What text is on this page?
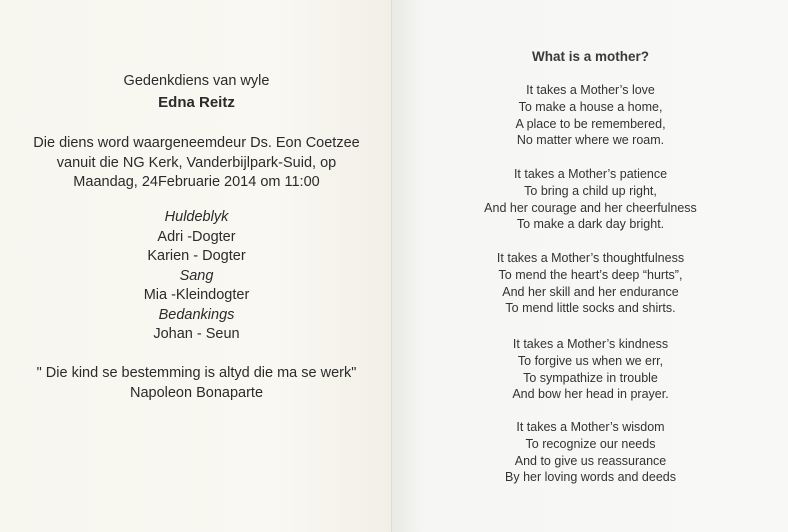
Gedenkdiens van wyle
Edna Reitz
Die diens word waargeneemdeur Ds. Eon Coetzee
vanuit die NG Kerk, Vanderbijlpark-Suid, op
Maandag, 24Februarie 2014 om 11:00
Huldeblyk
Adri -Dogter
Karien - Dogter
Sang
Mia -Kleindogter
Bedankings
Johan - Seun
" Die kind se bestemming is altyd die ma se werk"
Napoleon Bonaparte
What is a mother?
It takes a Mother’s love
To make a house a home,
A place to be remembered,
No matter where we roam.
It takes a Mother’s patience
To bring a child up right,
And her courage and her cheerfulness
To make a dark day bright.
It takes a Mother’s thoughtfulness
To mend the heart’s deep “hurts”,
And her skill and her endurance
To mend little socks and shirts.
It takes a Mother’s kindness
To forgive us when we err,
To sympathize in trouble
And bow her head in prayer.
It takes a Mother’s wisdom
To recognize our needs
And to give us reassurance
By her loving words and deeds
